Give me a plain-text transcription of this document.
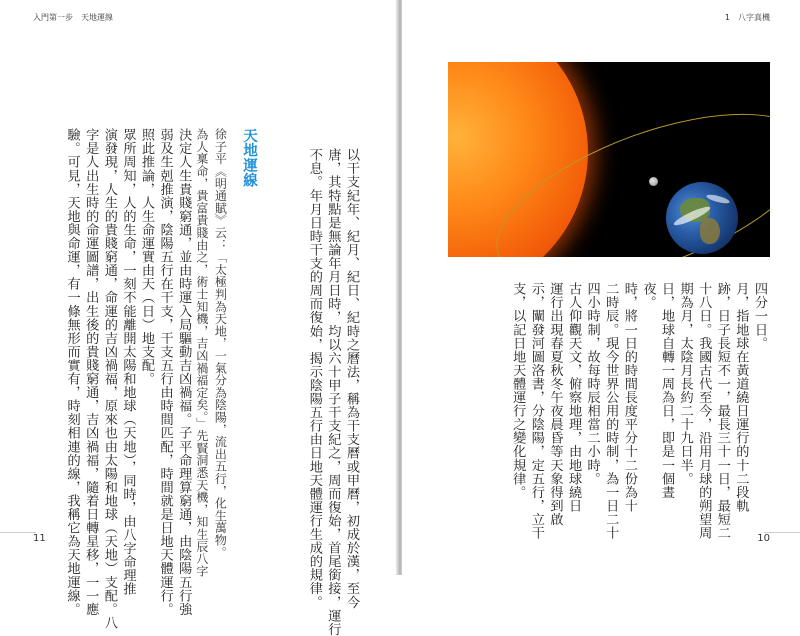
入門第一步　天地運線
以干支紀年、紀月、紀日、紀時之曆法，稱為干支曆或甲曆，初成於漢，至今
唐，其特點是無論年月日時，均以六十甲子干支紀之，周而復始，首尾銜接，運行
不息。年月日時干支的周而復始，揭示陰陽五行由日地天體運行生成的規律。
天地運線
徐子平《明通賦》云：「太極判為天地，一氣分為陰陽，流出五行，化生萬物。
為人稟命，貴富貴賤由之，術士知機，吉凶禍福定矣。」先賢洞悉天機，知生辰八字
決定人生貴賤窮通，並由時運入局驅動吉凶禍福。子平命理算窮通，由陰陽五行強
弱及生剋推演，陰陽五行在干支，干支五行由時間匹配，時間就是日地天體運行。
照此推論，人生命運實由天（日）地支配。
眾所周知，人的生命，一刻不能離開太陽和地球（天地），同時，由八字命理推
演發現，人生的貴賤窮通，命運的吉凶禍福，原來也由太陽和地球（天地）支配。八
字是人出生時的命運圖譜，出生後的貴賤窮通，吉凶禍福，隨着日轉星移，一一應
驗。可見，天地與命運，有一條無形而實有，時刻相連的線，我稱它為天地運線。
11
1　八字真機
四分一日。
月，指地球在黃道繞日運行的十二段軌
跡，日子長短不一，最長三十一日，最短二
十八日。我國古代至今，沿用月球的朔望周
期為月，太陰月長約二十九日半。
日，地球自轉一周為日，即是一個晝
夜。
時，將一日的時間長度平分十二份為十
二時辰。現今世界公用的時制，為一日二十
四小時制，故每時辰相當二小時。
古人仰觀天文，俯察地理，由地球繞日
運行出現春夏秋冬午夜晨昏等天象得到啟
示，闡發河圖洛書，分陰陽，定五行，立干
支，以記日地天體運行之變化規律。
10
